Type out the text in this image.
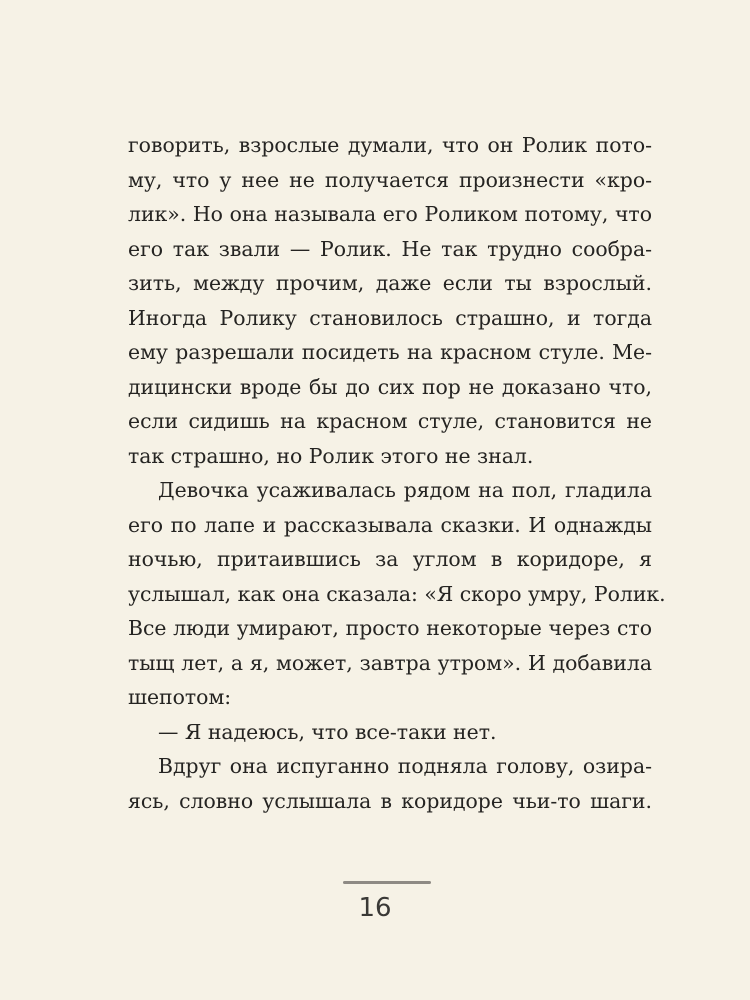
говорить, взрослые думали, что он Ролик пото-
му, что у нее не получается произнести «кро-
лик». Но она называла его Роликом потому, что
его так звали — Ролик. Не так трудно сообра-
зить, между прочим, даже если ты взрослый.
Иногда Ролику становилось страшно, и тогда
ему разрешали посидеть на красном стуле. Ме-
дицински вроде бы до сих пор не доказано что,
если сидишь на красном стуле, становится не
так страшно, но Ролик этого не знал.
Девочка усаживалась рядом на пол, гладила
его по лапе и рассказывала сказки. И однажды
ночью, притаившись за углом в коридоре, я
услышал, как она сказала: «Я скоро умру, Ролик.
Все люди умирают, просто некоторые через сто
тыщ лет, а я, может, завтра утром». И добавила
шепотом:
— Я надеюсь, что все-таки нет.
Вдруг она испуганно подняла голову, озира-
ясь, словно услышала в коридоре чьи-то шаги.
16
